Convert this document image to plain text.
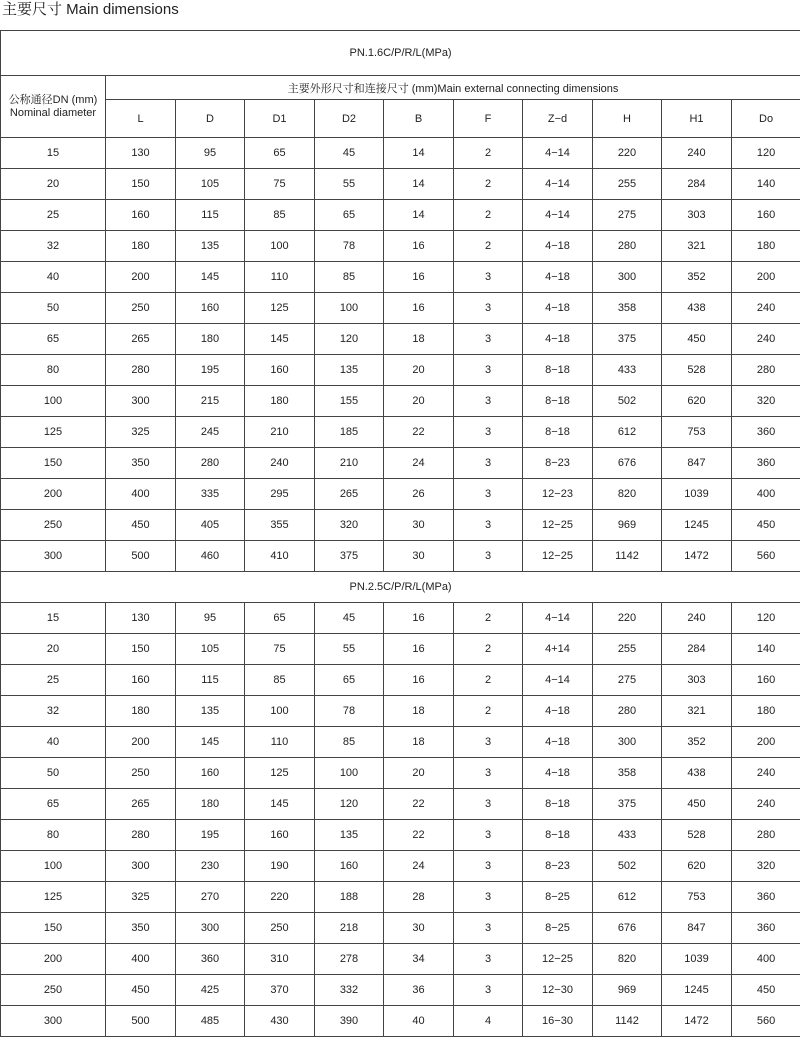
主要尺寸 Main dimensions
PN.1.6C/P/R/L(MPa)										

公称通径DN (mm)
Nominal diameter	主要外形尺寸和连接尺寸 (mm)Main external connecting dimensions									
	L	D	D1	D2	B	F	Z−d	H	H1	Do
15	130	95	65	45	14	2	4−14	220	240	120
20	150	105	75	55	14	2	4−14	255	284	140
25	160	115	85	65	14	2	4−14	275	303	160
32	180	135	100	78	16	2	4−18	280	321	180
40	200	145	110	85	16	3	4−18	300	352	200
50	250	160	125	100	16	3	4−18	358	438	240
65	265	180	145	120	18	3	4−18	375	450	240
80	280	195	160	135	20	3	8−18	433	528	280
100	300	215	180	155	20	3	8−18	502	620	320
125	325	245	210	185	22	3	8−18	612	753	360
150	350	280	240	210	24	3	8−23	676	847	360
200	400	335	295	265	26	3	12−23	820	1039	400
250	450	405	355	320	30	3	12−25	969	1245	450
300	500	460	410	375	30	3	12−25	1142	1472	560
PN.2.5C/P/R/L(MPa)										
15	130	95	65	45	16	2	4−14	220	240	120
20	150	105	75	55	16	2	4+14	255	284	140
25	160	115	85	65	16	2	4−14	275	303	160
32	180	135	100	78	18	2	4−18	280	321	180
40	200	145	110	85	18	3	4−18	300	352	200
50	250	160	125	100	20	3	4−18	358	438	240
65	265	180	145	120	22	3	8−18	375	450	240
80	280	195	160	135	22	3	8−18	433	528	280
100	300	230	190	160	24	3	8−23	502	620	320
125	325	270	220	188	28	3	8−25	612	753	360
150	350	300	250	218	30	3	8−25	676	847	360
200	400	360	310	278	34	3	12−25	820	1039	400
250	450	425	370	332	36	3	12−30	969	1245	450
300	500	485	430	390	40	4	16−30	1142	1472	560
